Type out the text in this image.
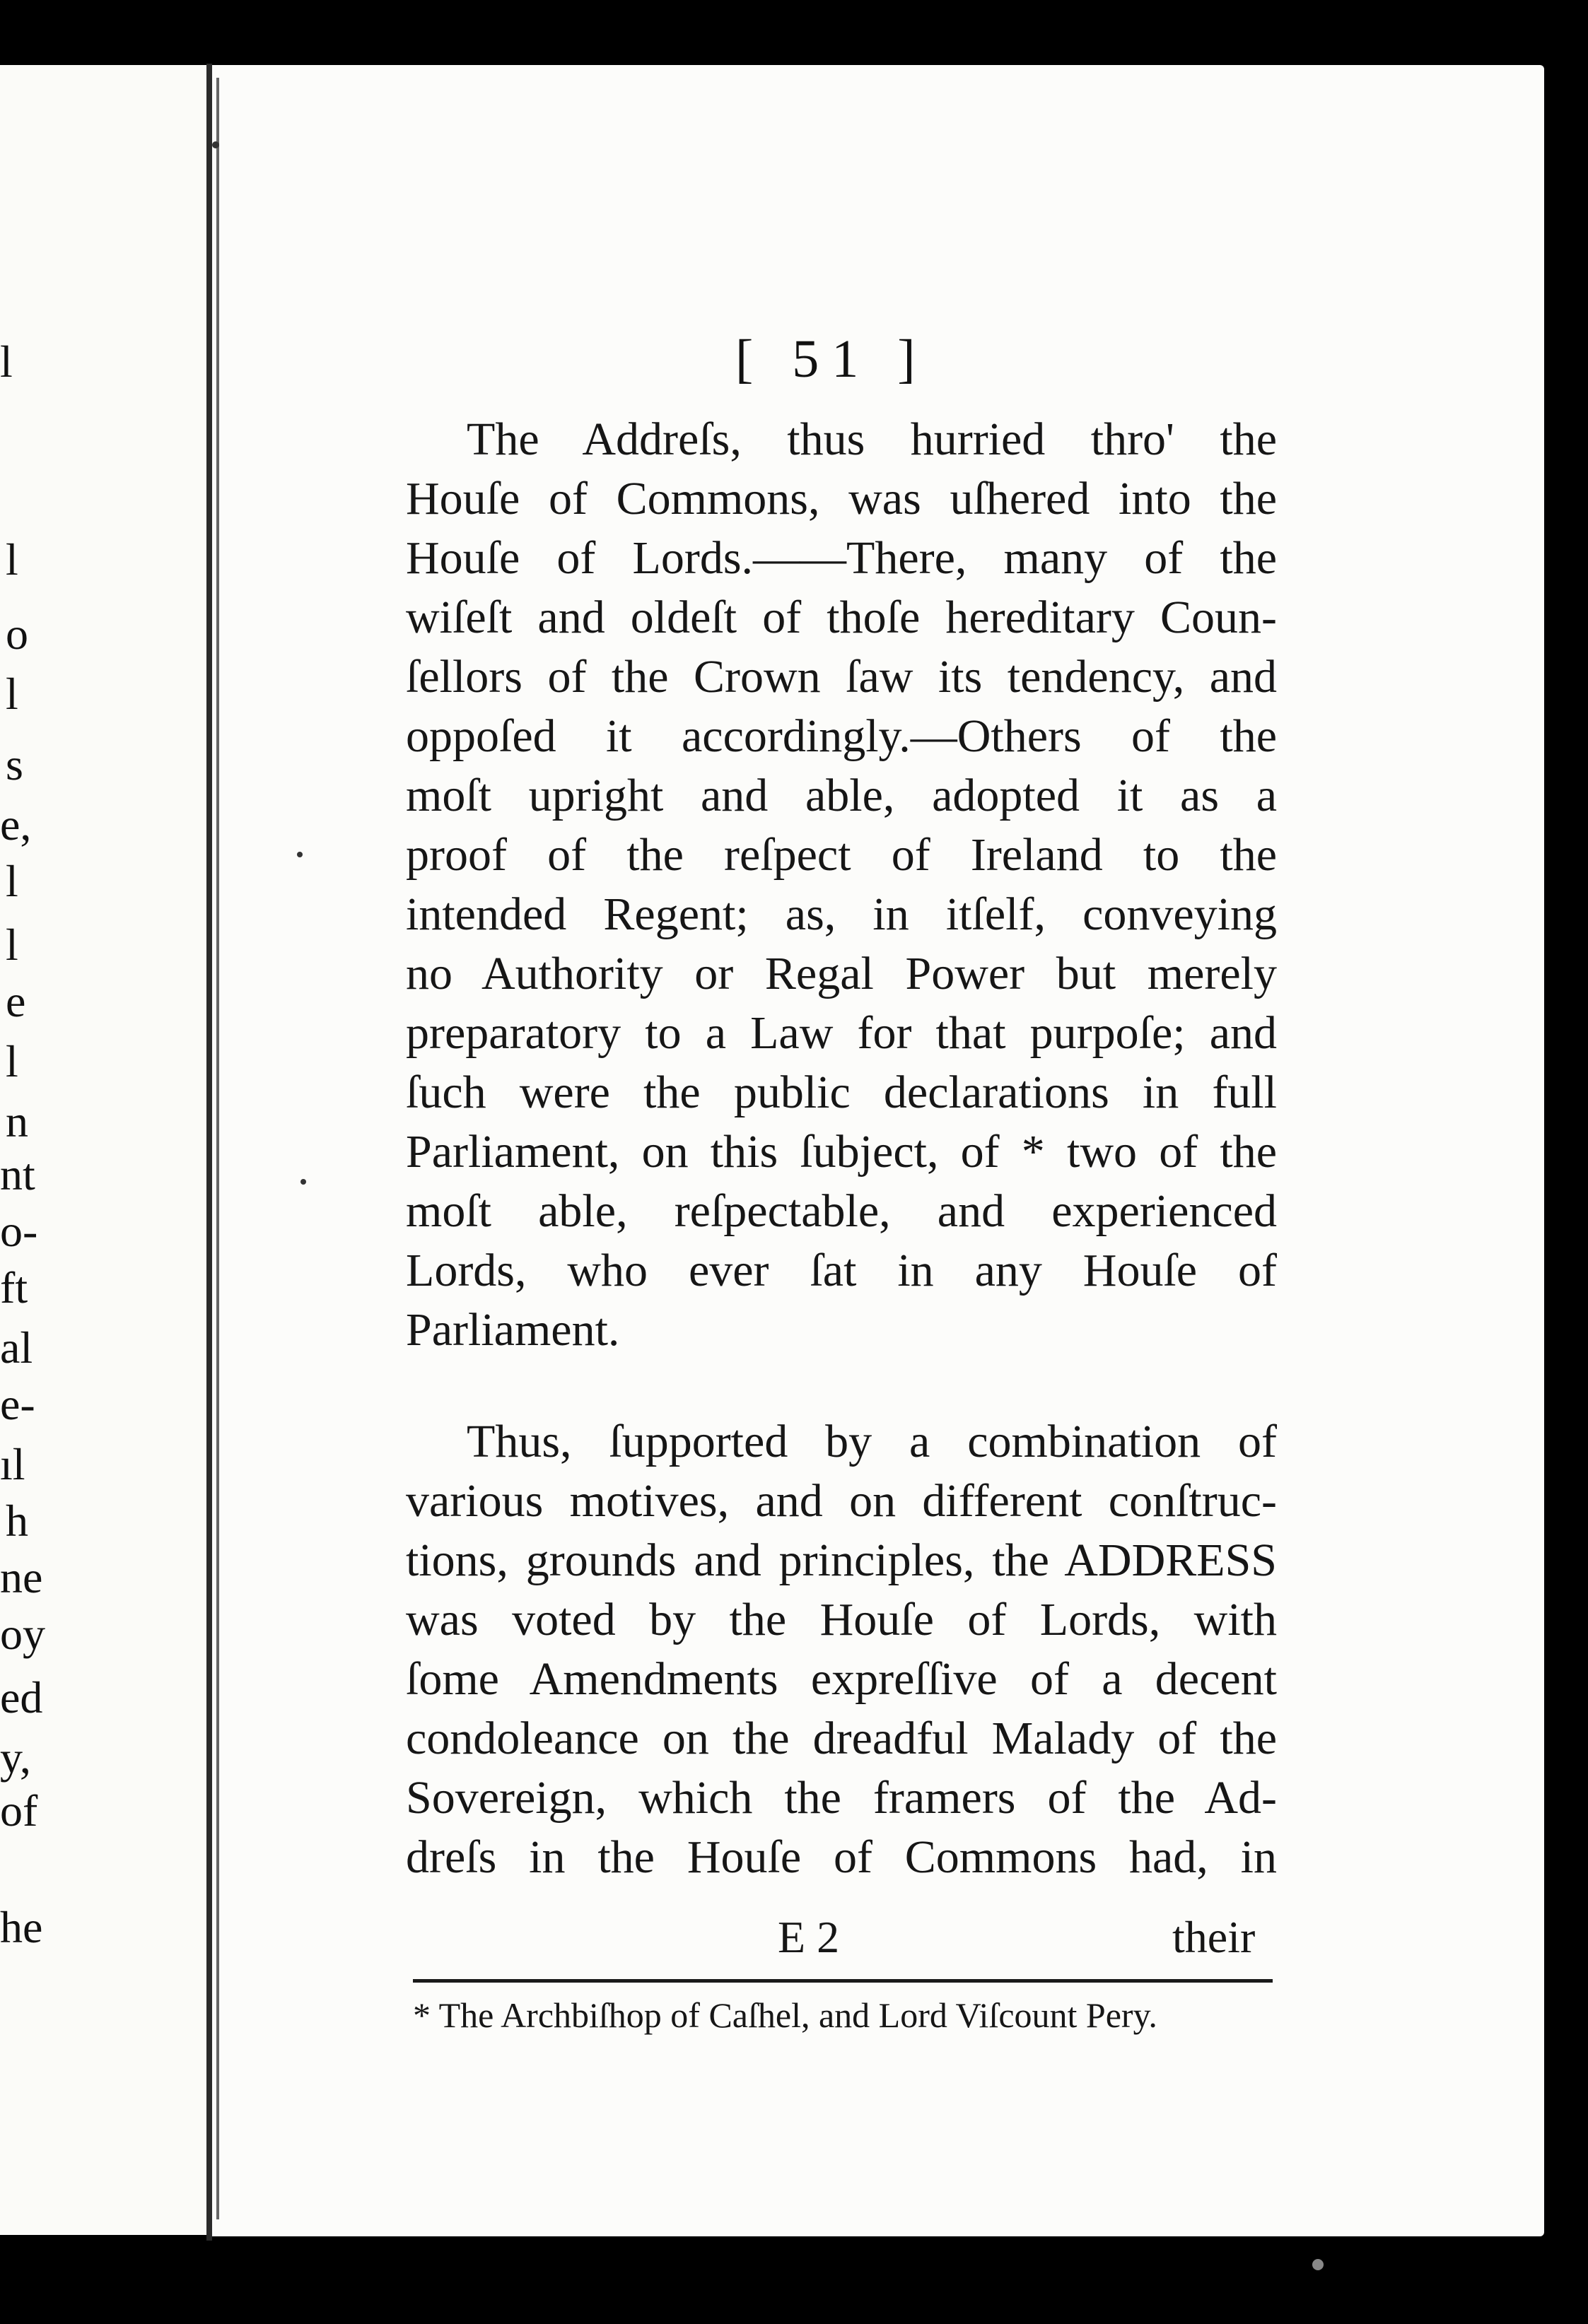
l
l
o
l
s
e,
l
l
e
l
n
nt
o-
ft
al
e-
ıl
h
ne
oy
ed
y,
of
he
[ 51 ]
The Addreſs, thus hurried thro' the
Houſe of Commons, was uſhered into the
Houſe of Lords.——There, many of the
wiſeſt and oldeſt of thoſe hereditary Coun-
ſellors of the Crown ſaw its tendency, and
oppoſed it accordingly.—Others of the
moſt upright and able, adopted it as a
proof of the reſpect of Ireland to the
intended Regent; as, in itſelf, conveying
no Authority or Regal Power but merely
preparatory to a Law for that purpoſe; and
ſuch were the public declarations in full
Parliament, on this ſubject, of * two of the
moſt able, reſpectable, and experienced
Lords, who ever ſat in any Houſe of
Parliament.
Thus, ſupported by a combination of
various motives, and on different conſtruc-
tions, grounds and principles, the ADDRESS
was voted by the Houſe of Lords, with
ſome Amendments expreſſive of a decent
condoleance on the dreadful Malady of the
Sovereign, which the framers of the Ad-
dreſs in the Houſe of Commons had, in
E 2	their
* The Archbiſhop of Caſhel, and Lord Viſcount Pery.
